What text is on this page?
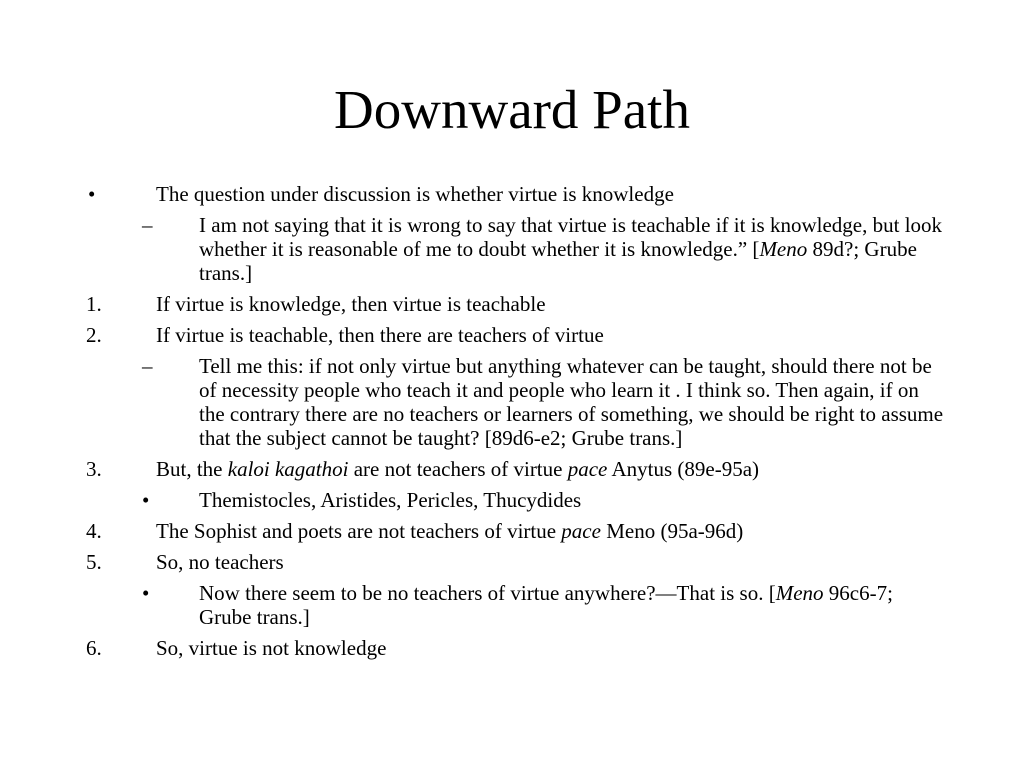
Downward Path
•	The question under discussion is whether virtue is knowledge
– I am not saying that it is wrong to say that virtue is teachable if it is knowledge, but look whether it is reasonable of me to doubt whether it is knowledge.” [Meno 89d?; Grube trans.]
1.	If virtue is knowledge, then virtue is teachable
2.	If virtue is teachable, then there are teachers of virtue
– Tell me this: if not only virtue but anything whatever can be taught, should there not be of necessity people who teach it and people who learn it . I think so. Then again, if on the contrary there are no teachers or learners of something, we should be right to assume that the subject cannot be taught? [89d6-e2; Grube trans.]
3.	But, the kaloi kagathoi are not teachers of virtue pace Anytus (89e-95a)
• Themistocles, Aristides, Pericles, Thucydides
4.	The Sophist and poets are not teachers of virtue pace Meno (95a-96d)
5.	So, no teachers
• Now there seem to be no teachers of virtue anywhere?—That is so. [Meno 96c6-7; Grube trans.]
6.	So, virtue is not knowledge
